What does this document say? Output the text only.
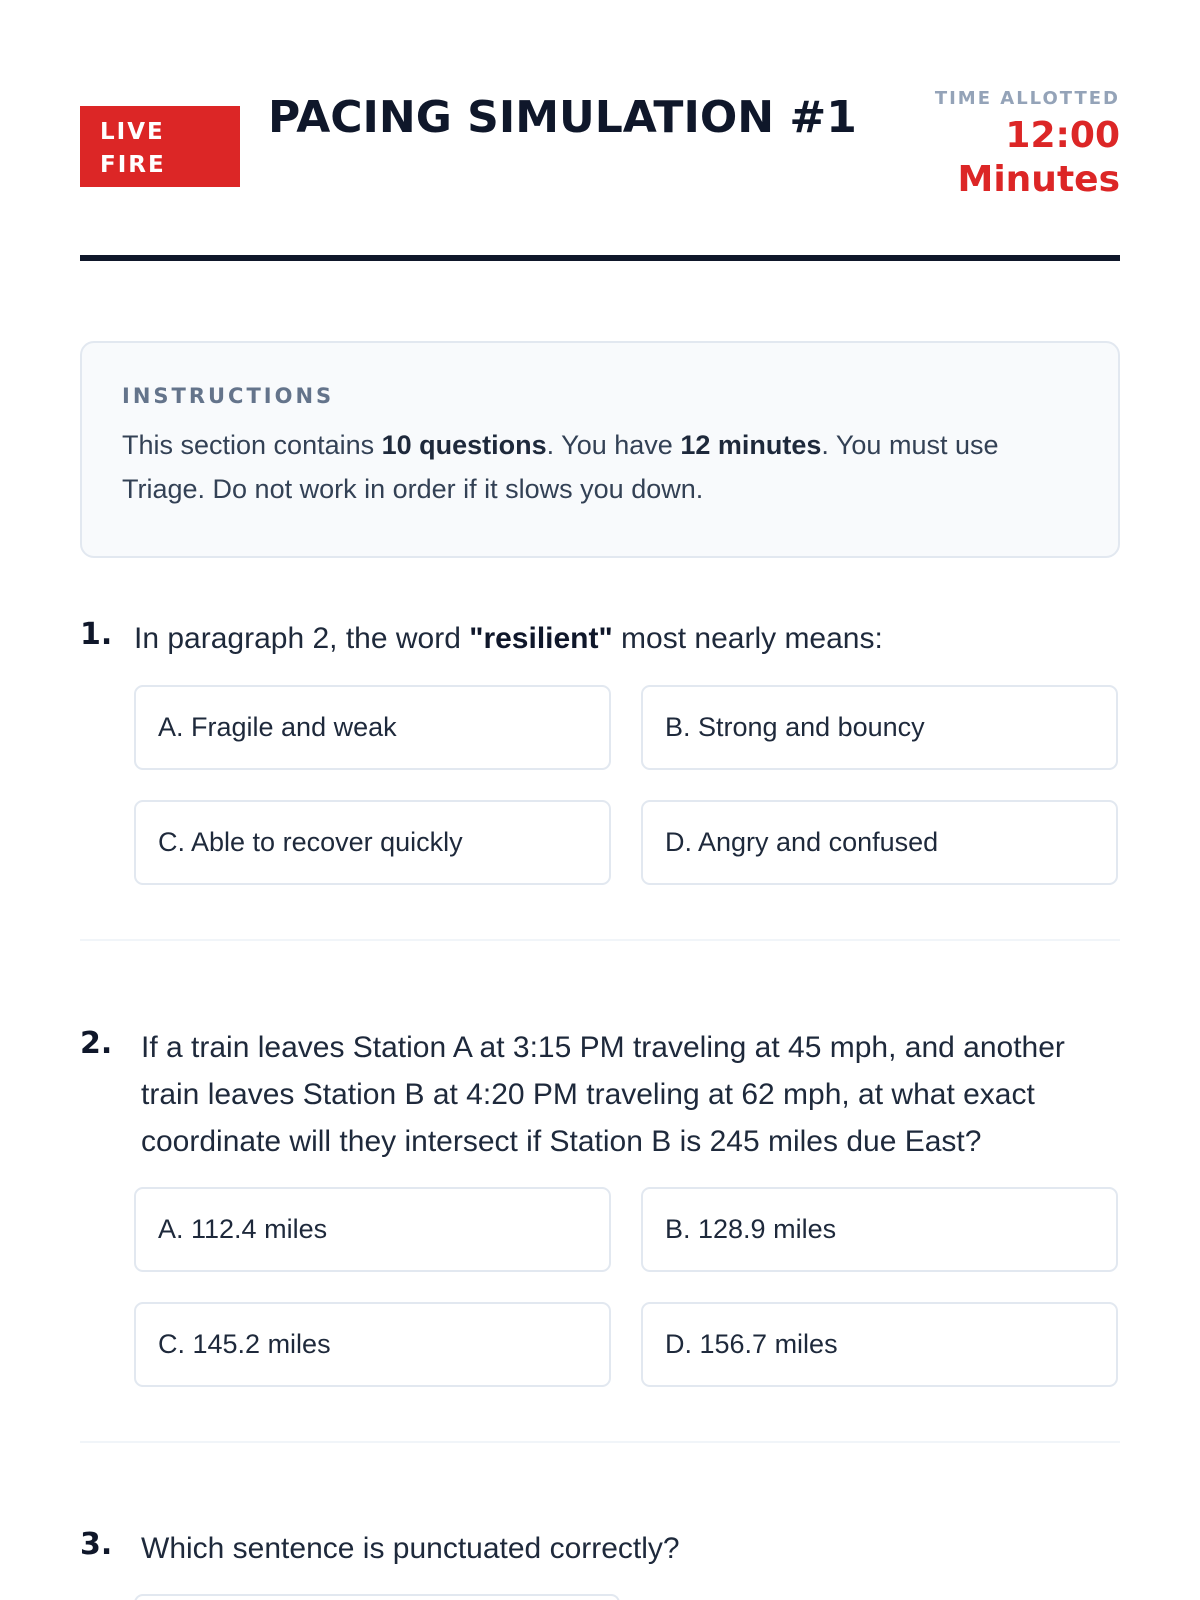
LIVE
FIRE
PACING SIMULATION #1	TIME ALLOTTED
12:00
Minutes
INSTRUCTIONS
This section contains 10 questions. You have 12 minutes. You must use Triage. Do not work in order if it slows you down.
1. In paragraph 2, the word "resilient" most nearly means:
A. Fragile and weak	B. Strong and bouncy
C. Able to recover quickly	D. Angry and confused
2. If a train leaves Station A at 3:15 PM traveling at 45 mph, and another train leaves Station B at 4:20 PM traveling at 62 mph, at what exact coordinate will they intersect if Station B is 245 miles due East?
A. 112.4 miles	B. 128.9 miles
C. 145.2 miles	D. 156.7 miles
3. Which sentence is punctuated correctly?
